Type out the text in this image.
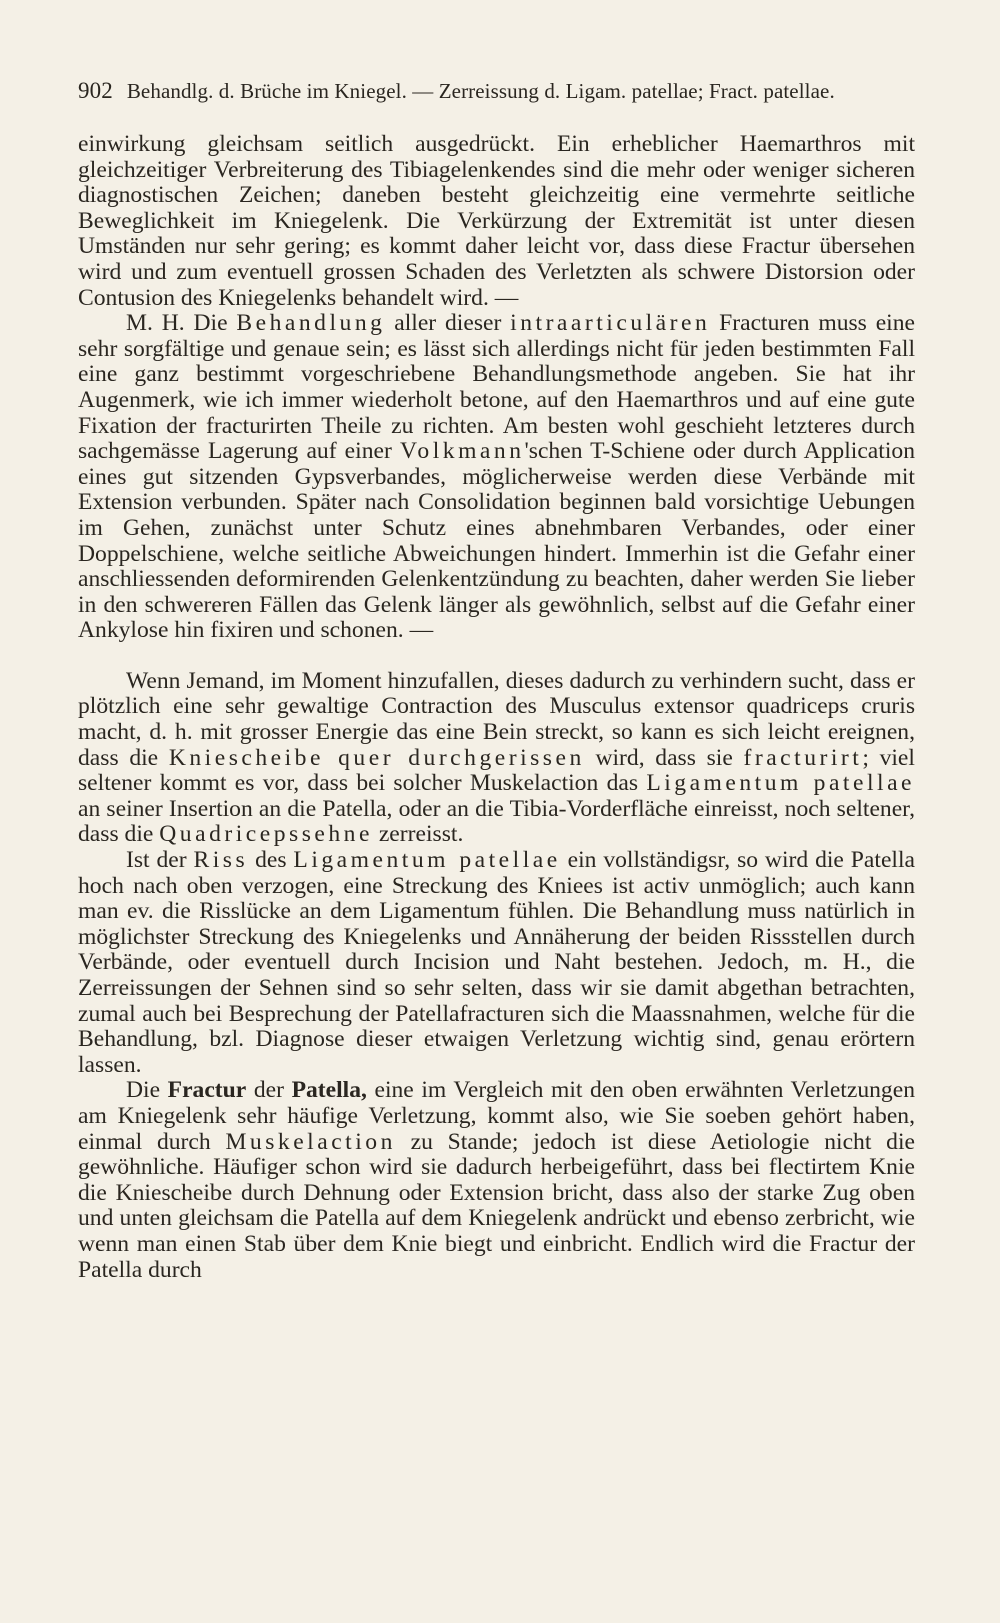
902 Behandlg. d. Brüche im Kniegel. — Zerreissung d. Ligam. patellae; Fract. patellae.

einwirkung gleichsam seitlich ausgedrückt. Ein erheblicher Haemarthros mit gleichzeitiger Verbreiterung des Tibiagelenkendes sind die mehr oder weniger sicheren diagnostischen Zeichen; daneben besteht gleichzeitig eine vermehrte seitliche Beweglichkeit im Kniegelenk. Die Verkürzung der Extremität ist unter diesen Umständen nur sehr gering; es kommt daher leicht vor, dass diese Fractur übersehen wird und zum eventuell grossen Schaden des Verletzten als schwere Distorsion oder Contusion des Kniegelenks behandelt wird. —

M. H. Die Behandlung aller dieser intraarticulären Fracturen muss eine sehr sorgfältige und genaue sein; es lässt sich allerdings nicht für jeden bestimmten Fall eine ganz bestimmt vorgeschriebene Behandlungsmethode angeben. Sie hat ihr Augenmerk, wie ich immer wiederholt betone, auf den Haemarthros und auf eine gute Fixation der fracturirten Theile zu richten. Am besten wohl geschieht letzteres durch sachgemässe Lagerung auf einer Volkmann'schen T-Schiene oder durch Application eines gut sitzenden Gypsverbandes, möglicherweise werden diese Verbände mit Extension verbunden. Später nach Consolidation beginnen bald vorsichtige Uebungen im Gehen, zunächst unter Schutz eines abnehmbaren Verbandes, oder einer Doppelschiene, welche seitliche Abweichungen hindert. Immerhin ist die Gefahr einer anschliessenden deformirenden Gelenkentzündung zu beachten, daher werden Sie lieber in den schwereren Fällen das Gelenk länger als gewöhnlich, selbst auf die Gefahr einer Ankylose hin fixiren und schonen. —

Wenn Jemand, im Moment hinzufallen, dieses dadurch zu verhindern sucht, dass er plötzlich eine sehr gewaltige Contraction des Musculus extensor quadriceps cruris macht, d. h. mit grosser Energie das eine Bein streckt, so kann es sich leicht ereignen, dass die Kniescheibe quer durchgerissen wird, dass sie fracturirt; viel seltener kommt es vor, dass bei solcher Muskelaction das Ligamentum patellae an seiner Insertion an die Patella, oder an die Tibia-Vorderfläche einreisst, noch seltener, dass die Quadricepssehne zerreisst.

Ist der Riss des Ligamentum patellae ein vollständigsr, so wird die Patella hoch nach oben verzogen, eine Streckung des Kniees ist activ unmöglich; auch kann man ev. die Risslücke an dem Ligamentum fühlen. Die Behandlung muss natürlich in möglichster Streckung des Kniegelenks und Annäherung der beiden Rissstellen durch Verbände, oder eventuell durch Incision und Naht bestehen. Jedoch, m. H., die Zerreissungen der Sehnen sind so sehr selten, dass wir sie damit abgethan betrachten, zumal auch bei Besprechung der Patellafracturen sich die Maassnahmen, welche für die Behandlung, bzl. Diagnose dieser etwaigen Verletzung wichtig sind, genau erörtern lassen.

Die Fractur der Patella, eine im Vergleich mit den oben erwähnten Verletzungen am Kniegelenk sehr häufige Verletzung, kommt also, wie Sie soeben gehört haben, einmal durch Muskelaction zu Stande; jedoch ist diese Aetiologie nicht die gewöhnliche. Häufiger schon wird sie dadurch herbeigeführt, dass bei flectirtem Knie die Kniescheibe durch Dehnung oder Extension bricht, dass also der starke Zug oben und unten gleichsam die Patella auf dem Kniegelenk andrückt und ebenso zerbricht, wie wenn man einen Stab über dem Knie biegt und einbricht. Endlich wird die Fractur der Patella durch
